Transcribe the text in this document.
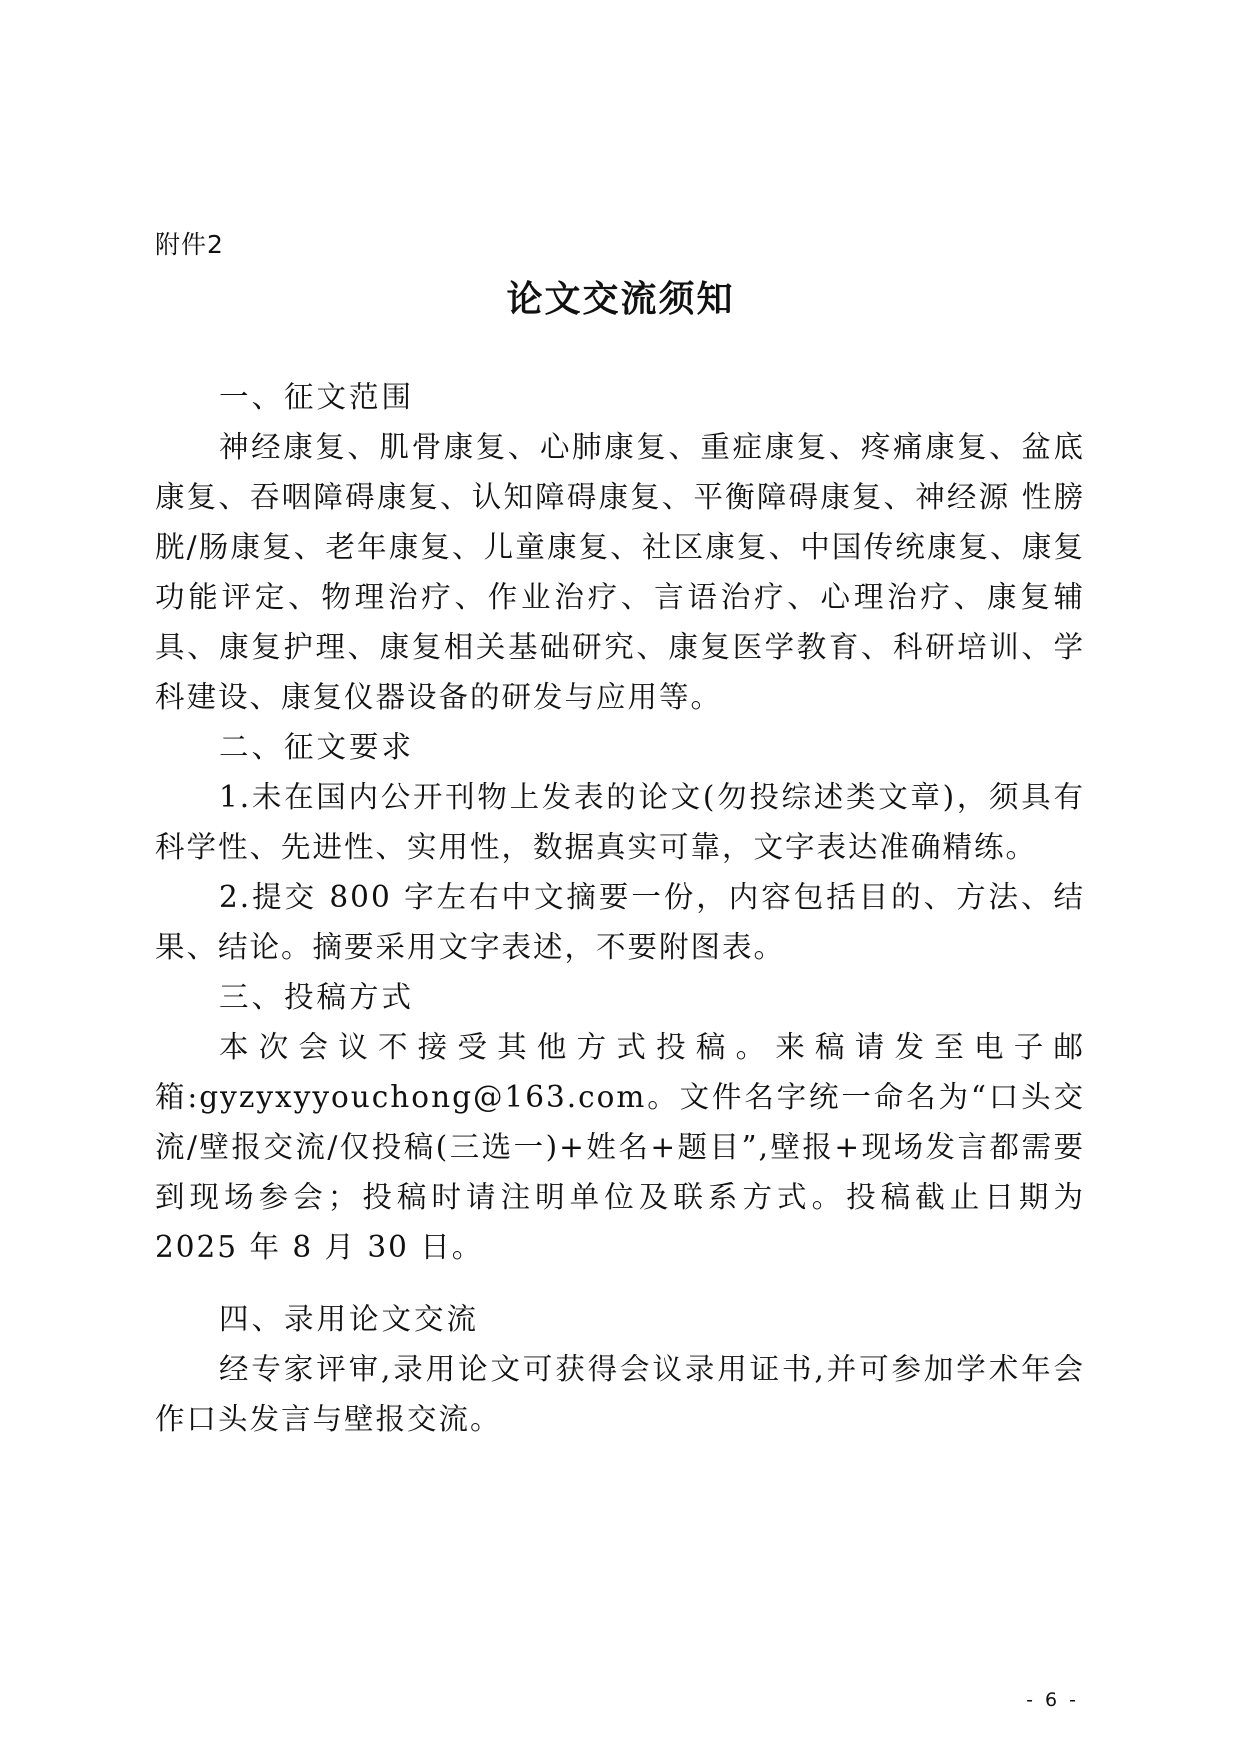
附件2
论文交流须知

一、征文范围

神经康复、肌骨康复、心肺康复、重症康复、疼痛康复、盆底康复、吞咽障碍康复、认知障碍康复、平衡障碍康复、神经源 性膀胱/肠康复、老年康复、儿童康复、社区康复、中国传统康复、康复功能评定、物理治疗、作业治疗、言语治疗、心理治疗、康复辅具、康复护理、康复相关基础研究、康复医学教育、科研培训、学科建设、康复仪器设备的研发与应用等。

二、征文要求

1.未在国内公开刊物上发表的论文(勿投综述类文章)，须具有科学性、先进性、实用性，数据真实可靠，文字表达准确精练。

2.提交 800 字左右中文摘要一份，内容包括目的、方法、结果、结论。摘要采用文字表述，不要附图表。

三、投稿方式

本次会议不接受其他方式投稿。来稿请发至电子邮箱:gyzyxyyouchong@163.com。文件名字统一命名为“口头交流/壁报交流/仅投稿(三选一)+姓名+题目”,壁报+现场发言都需要到现场参会；投稿时请注明单位及联系方式。投稿截止日期为 2025 年 8 月 30 日。

四、录用论文交流

经专家评审,录用论文可获得会议录用证书,并可参加学术年会作口头发言与壁报交流。

- 6 -
